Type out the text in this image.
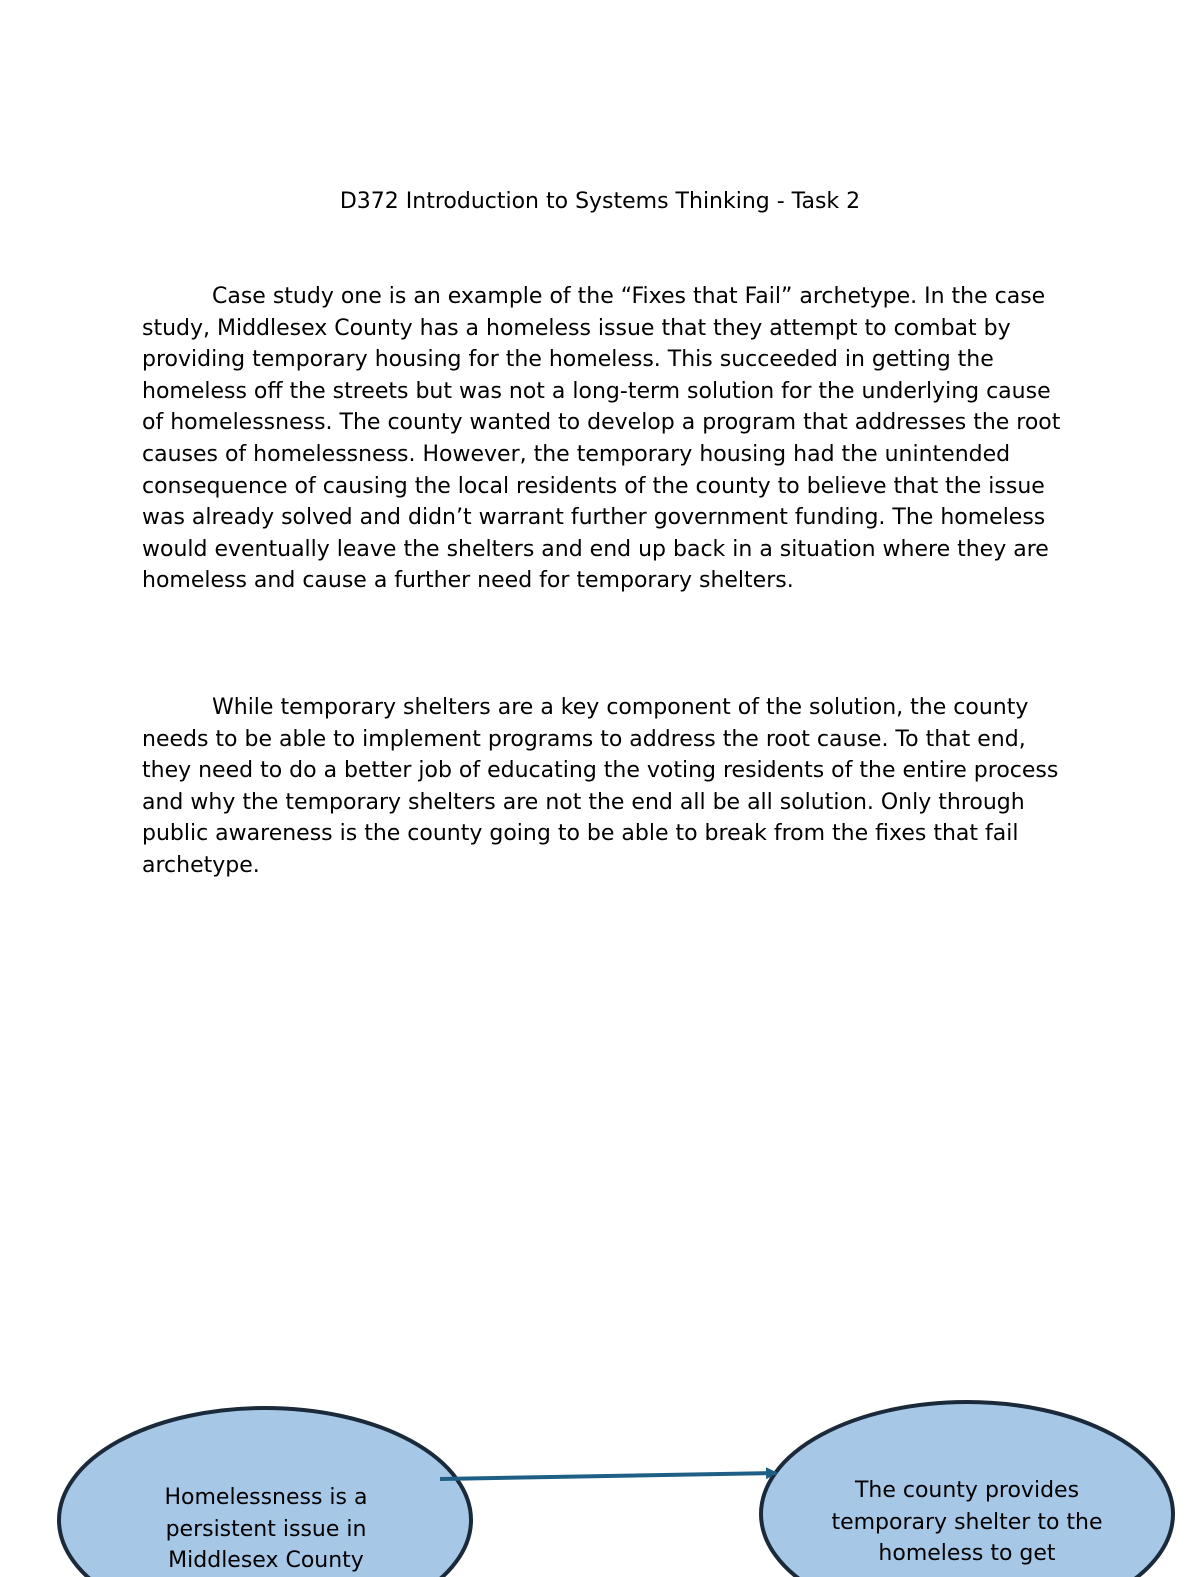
D372 Introduction to Systems Thinking - Task 2

Case study one is an example of the “Fixes that Fail” archetype. In the case study, Middlesex County has a homeless issue that they attempt to combat by providing temporary housing for the homeless. This succeeded in getting the homeless off the streets but was not a long-term solution for the underlying cause of homelessness. The county wanted to develop a program that addresses the root causes of homelessness. However, the temporary housing had the unintended consequence of causing the local residents of the county to believe that the issue was already solved and didn’t warrant further government funding. The homeless would eventually leave the shelters and end up back in a situation where they are homeless and cause a further need for temporary shelters.

While temporary shelters are a key component of the solution, the county needs to be able to implement programs to address the root cause. To that end, they need to do a better job of educating the voting residents of the entire process and why the temporary shelters are not the end all be all solution. Only through public awareness is the county going to be able to break from the fixes that fail archetype.

Homelessness is a persistent issue in Middlesex County

The county provides temporary shelter to the homeless to get
